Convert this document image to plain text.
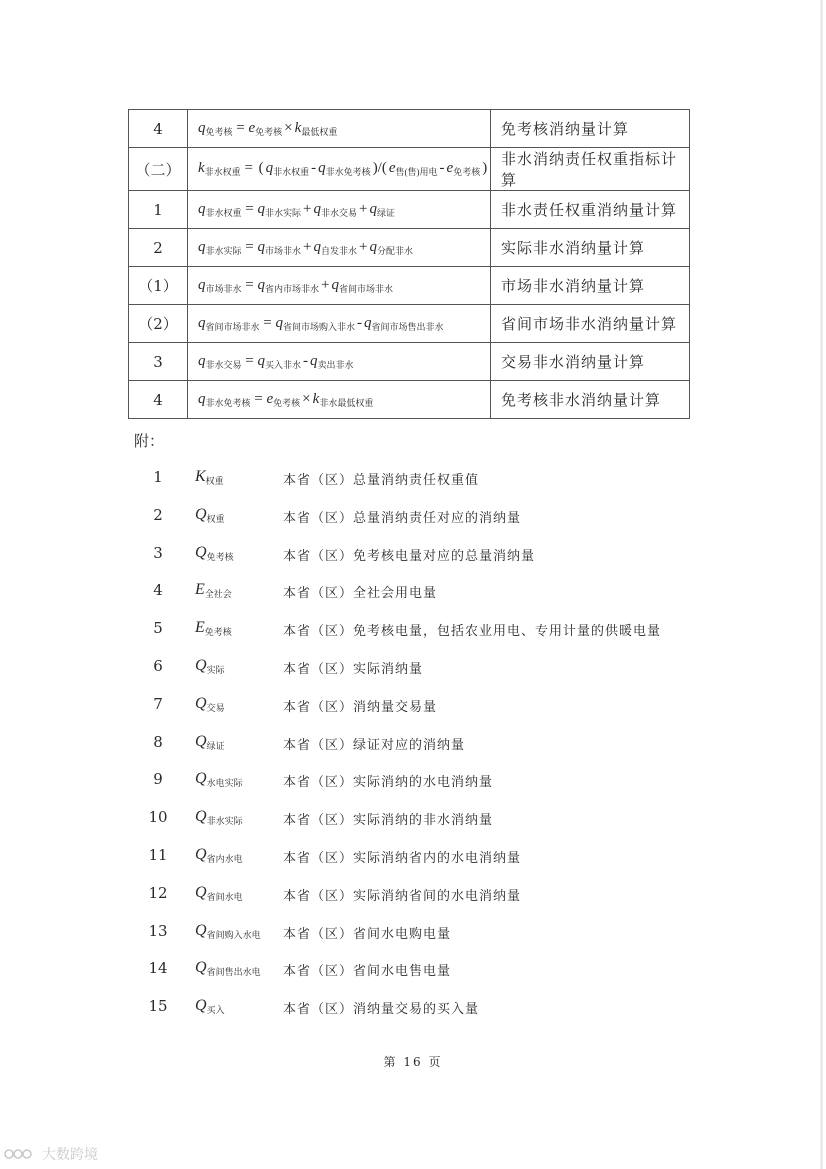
4	$q_{免考核} = e_{免考核} \times k_{最低权重}$	免考核消纳量计算
（二）	$k_{非水权重}$ = ( $q_{非水权重} - q_{非水免考核}$ )/( $e_{售(售)用电} - e_{免考核}$ )	非水消纳责任权重指标计算
1	$q_{非水权重} = q_{非水实际} + q_{非水交易} + q_{绿证}$	非水责任权重消纳量计算
2	$q_{非水实际} = q_{市场非水} + q_{自发非水} + q_{分配非水}$	实际非水消纳量计算
（1）	$q_{市场非水} = q_{省内市场非水} + q_{省间市场非水}$	市场非水消纳量计算
（2）	$q_{省间市场非水} = q_{省间市场购入非水} - q_{省间市场售出非水}$	省间市场非水消纳量计算
3	$q_{非水交易} = q_{买入非水} - q_{卖出非水}$	交易非水消纳量计算
4	$q_{非水免考核} = e_{免考核} \times k_{非水最低权重}$	免考核非水消纳量计算
附：
1	$K_{权重}$	本省（区）总量消纳责任权重值
2	$Q_{权重}$	本省（区）总量消纳责任对应的消纳量
3	$Q_{免考核}$	本省（区）免考核电量对应的总量消纳量
4	$E_{全社会}$	本省（区）全社会用电量
5	$E_{免考核}$	本省（区）免考核电量，包括农业用电、专用计量的供暖电量
6	$Q_{实际}$	本省（区）实际消纳量
7	$Q_{交易}$	本省（区）消纳量交易量
8	$Q_{绿证}$	本省（区）绿证对应的消纳量
9	$Q_{水电实际}$	本省（区）实际消纳的水电消纳量
10	$Q_{非水实际}$	本省（区）实际消纳的非水消纳量
11	$Q_{省内水电}$	本省（区）实际消纳省内的水电消纳量
12	$Q_{省间水电}$	本省（区）实际消纳省间的水电消纳量
13	$Q_{省间购入水电}$ 本省（区）省间水电购电量
14	$Q_{省间售出水电}$ 本省（区）省间水电售电量
15	$Q_{买入}$	本省（区）消纳量交易的买入量
第 16 页
大数跨境
